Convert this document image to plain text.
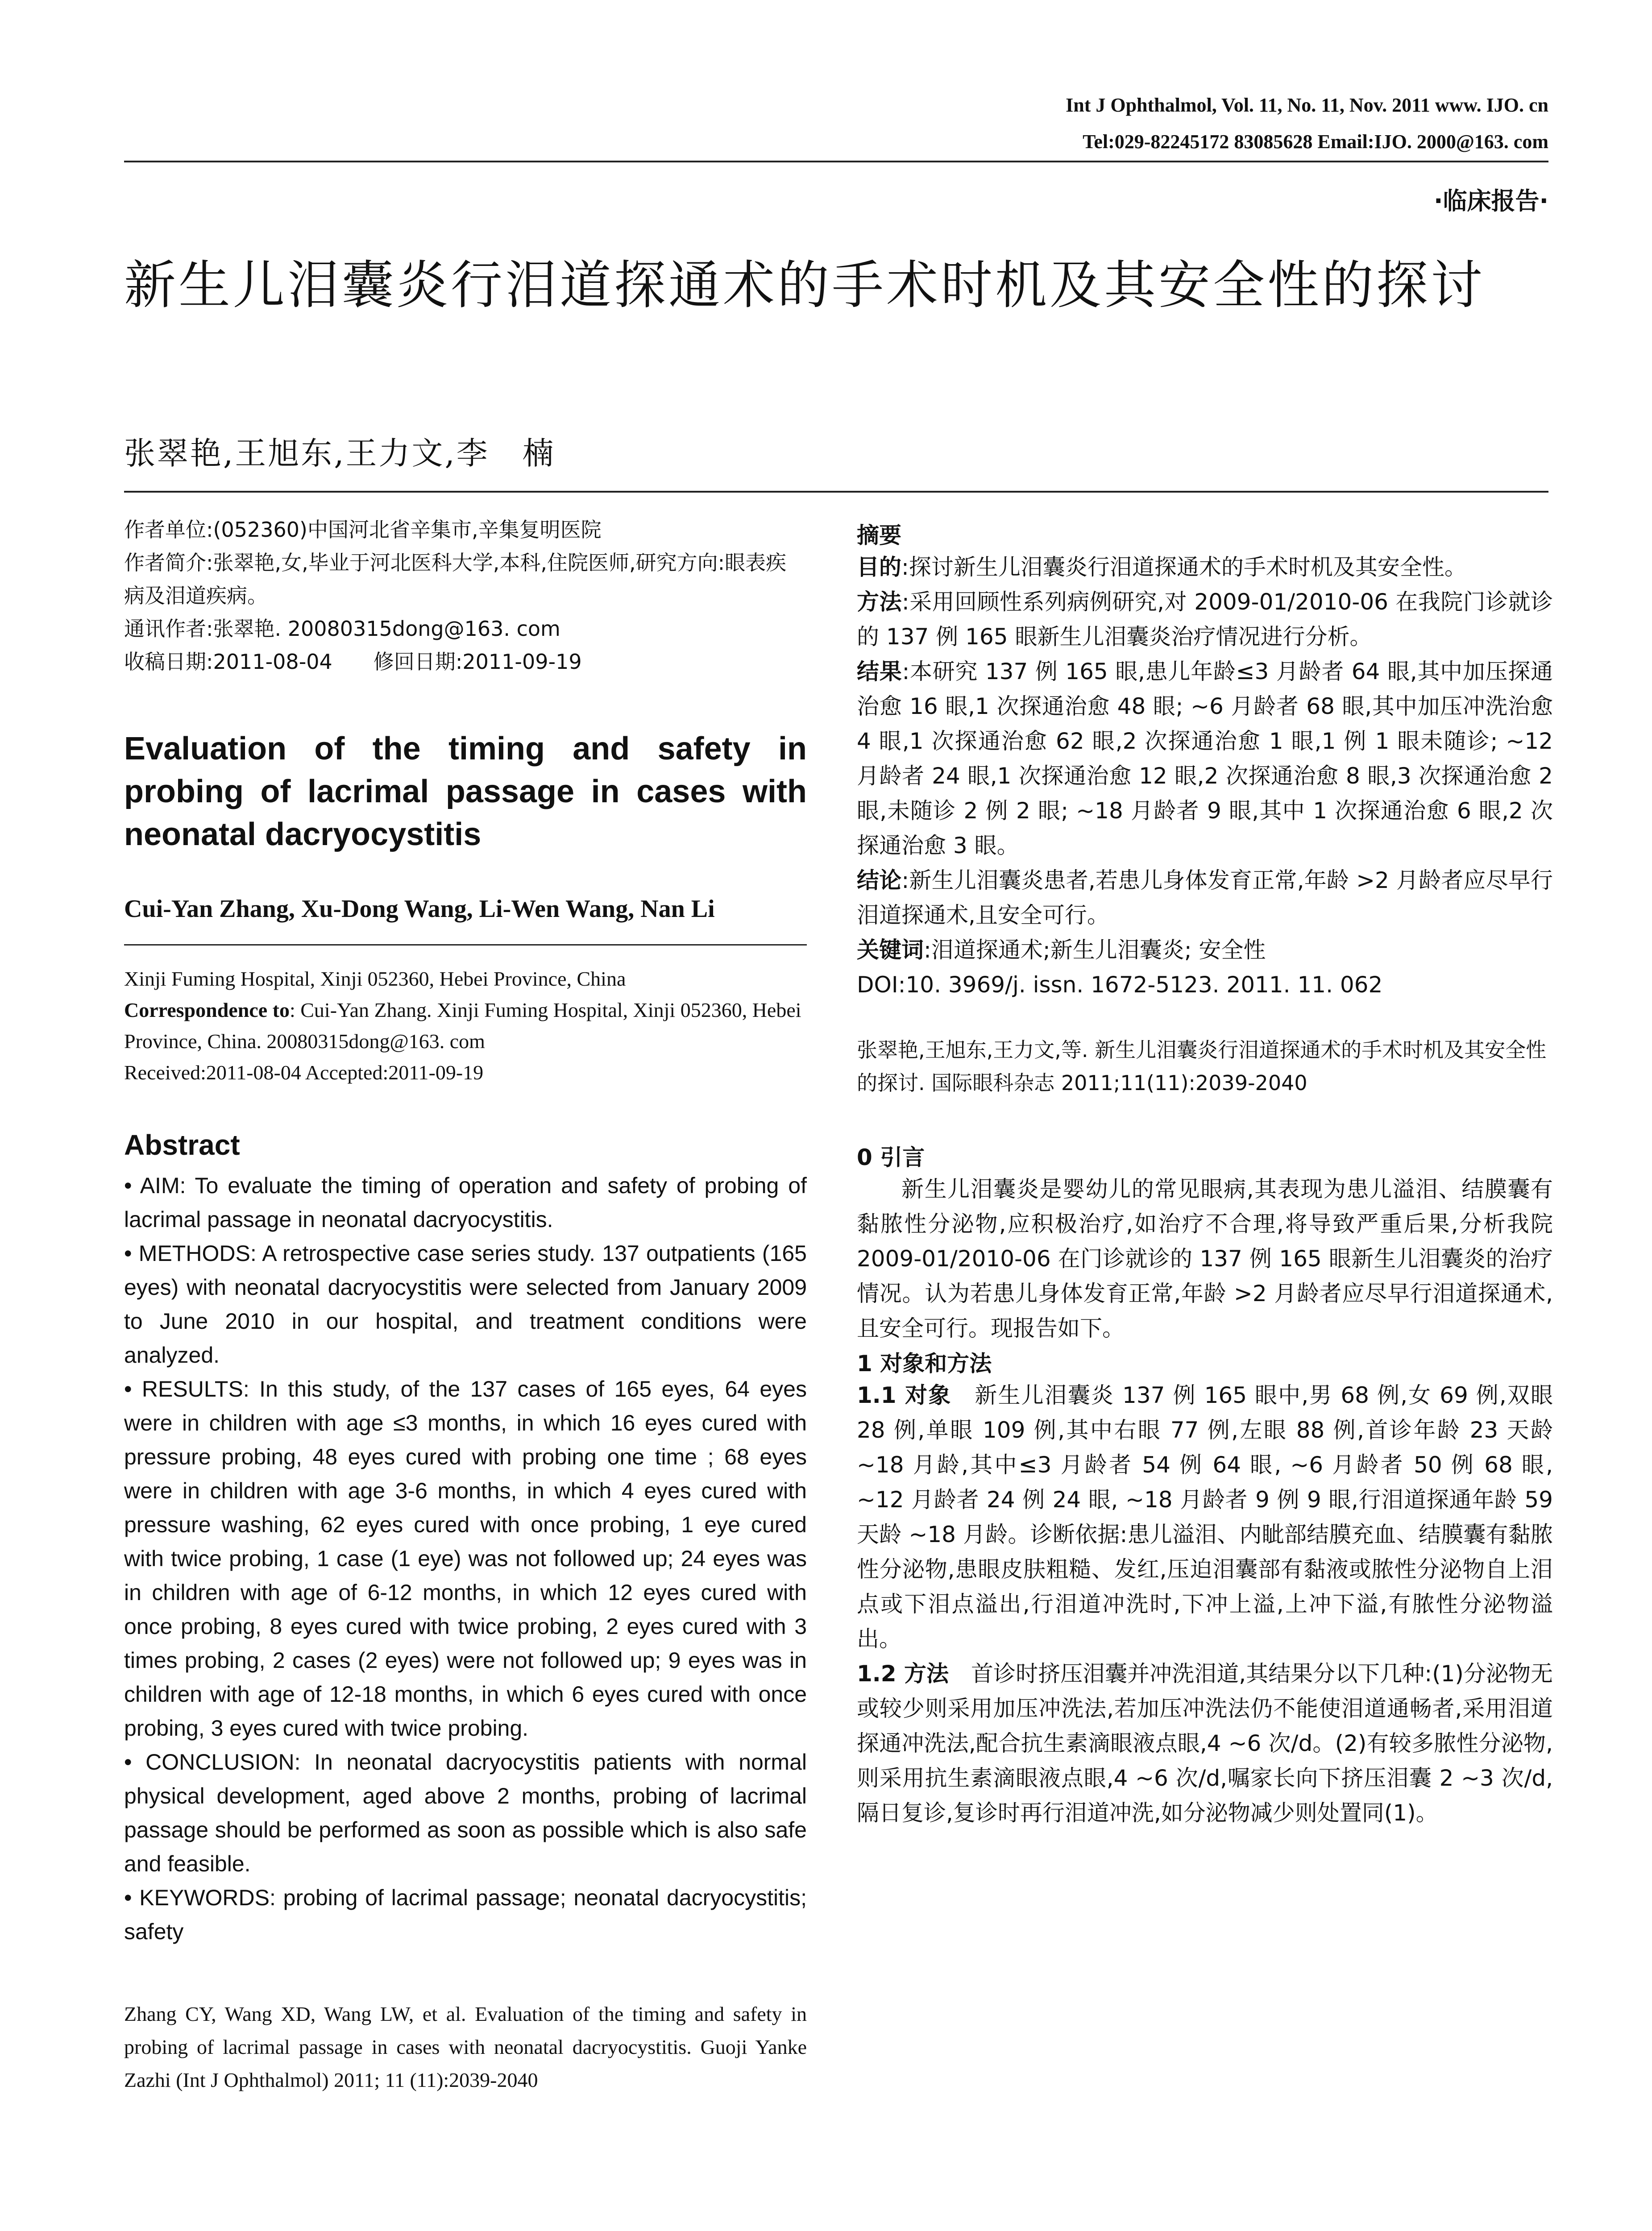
Int J Ophthalmol, Vol. 11, No. 11, Nov. 2011 www. IJO. cn
Tel:029-82245172 83085628 Email:IJO. 2000@163. com
·临床报告·
新生儿泪囊炎行泪道探通术的手术时机及其安全性的探讨
张翠艳,王旭东,王力文,李　楠

作者单位:(052360)中国河北省辛集市,辛集复明医院

作者简介:张翠艳,女,毕业于河北医科大学,本科,住院医师,研究方向:眼表疾病及泪道疾病。

通讯作者:张翠艳. 20080315dong@163. com

收稿日期:2011-08-04　　修回日期:2011-09-19

Evaluation of the timing and safety in probing of lacrimal passage in cases with neonatal dacryocystitis

Cui-Yan Zhang, Xu-Dong Wang, Li-Wen Wang, Nan Li

Xinji Fuming Hospital, Xinji 052360, Hebei Province, China

Correspondence to: Cui-Yan Zhang. Xinji Fuming Hospital, Xinji 052360, Hebei Province, China. 20080315dong@163. com

Received:2011-08-04 Accepted:2011-09-19

Abstract

• AIM: To evaluate the timing of operation and safety of probing of lacrimal passage in neonatal dacryocystitis.

• METHODS: A retrospective case series study. 137 outpatients (165 eyes) with neonatal dacryocystitis were selected from January 2009 to June 2010 in our hospital, and treatment conditions were analyzed.

• RESULTS: In this study, of the 137 cases of 165 eyes, 64 eyes were in children with age ≤3 months, in which 16 eyes cured with pressure probing, 48 eyes cured with probing one time ; 68 eyes were in children with age 3-6 months, in which 4 eyes cured with pressure washing, 62 eyes cured with once probing, 1 eye cured with twice probing, 1 case (1 eye) was not followed up; 24 eyes was in children with age of 6-12 months, in which 12 eyes cured with once probing, 8 eyes cured with twice probing, 2 eyes cured with 3 times probing, 2 cases (2 eyes) were not followed up; 9 eyes was in children with age of 12-18 months, in which 6 eyes cured with once probing, 3 eyes cured with twice probing.

• CONCLUSION: In neonatal dacryocystitis patients with normal physical development, aged above 2 months, probing of lacrimal passage should be performed as soon as possible which is also safe and feasible.

• KEYWORDS: probing of lacrimal passage; neonatal dacryocystitis; safety

Zhang CY, Wang XD, Wang LW, et al. Evaluation of the timing and safety in probing of lacrimal passage in cases with neonatal dacryocystitis. Guoji Yanke Zazhi (Int J Ophthalmol) 2011; 11 (11):2039-2040

摘要

目的:探讨新生儿泪囊炎行泪道探通术的手术时机及其安全性。

方法:采用回顾性系列病例研究,对 2009-01/2010-06 在我院门诊就诊的 137 例 165 眼新生儿泪囊炎治疗情况进行分析。

结果:本研究 137 例 165 眼,患儿年龄≤3 月龄者 64 眼,其中加压探通治愈 16 眼,1 次探通治愈 48 眼; ~6 月龄者 68 眼,其中加压冲洗治愈 4 眼,1 次探通治愈 62 眼,2 次探通治愈 1 眼,1 例 1 眼未随诊; ~12 月龄者 24 眼,1 次探通治愈 12 眼,2 次探通治愈 8 眼,3 次探通治愈 2 眼,未随诊 2 例 2 眼; ~18 月龄者 9 眼,其中 1 次探通治愈 6 眼,2 次探通治愈 3 眼。

结论:新生儿泪囊炎患者,若患儿身体发育正常,年龄 >2 月龄者应尽早行泪道探通术,且安全可行。

关键词:泪道探通术;新生儿泪囊炎; 安全性

DOI:10. 3969/j. issn. 1672-5123. 2011. 11. 062

张翠艳,王旭东,王力文,等. 新生儿泪囊炎行泪道探通术的手术时机及其安全性的探讨. 国际眼科杂志 2011;11(11):2039-2040

0 引言

新生儿泪囊炎是婴幼儿的常见眼病,其表现为患儿溢泪、结膜囊有黏脓性分泌物,应积极治疗,如治疗不合理,将导致严重后果,分析我院 2009-01/2010-06 在门诊就诊的 137 例 165 眼新生儿泪囊炎的治疗情况。认为若患儿身体发育正常,年龄 >2 月龄者应尽早行泪道探通术,且安全可行。现报告如下。

1 对象和方法

1.1 对象　新生儿泪囊炎 137 例 165 眼中,男 68 例,女 69 例,双眼 28 例,单眼 109 例,其中右眼 77 例,左眼 88 例,首诊年龄 23 天龄 ~18 月龄,其中≤3 月龄者 54 例 64 眼, ~6 月龄者 50 例 68 眼, ~12 月龄者 24 例 24 眼, ~18 月龄者 9 例 9 眼,行泪道探通年龄 59 天龄 ~18 月龄。诊断依据:患儿溢泪、内眦部结膜充血、结膜囊有黏脓性分泌物,患眼皮肤粗糙、发红,压迫泪囊部有黏液或脓性分泌物自上泪点或下泪点溢出,行泪道冲洗时,下冲上溢,上冲下溢,有脓性分泌物溢出。

1.2 方法　首诊时挤压泪囊并冲洗泪道,其结果分以下几种:(1)分泌物无或较少则采用加压冲洗法,若加压冲洗法仍不能使泪道通畅者,采用泪道探通冲洗法,配合抗生素滴眼液点眼,4 ~6 次/d。(2)有较多脓性分泌物,则采用抗生素滴眼液点眼,4 ~6 次/d,嘱家长向下挤压泪囊 2 ~3 次/d,隔日复诊,复诊时再行泪道冲洗,如分泌物减少则处置同(1)。
